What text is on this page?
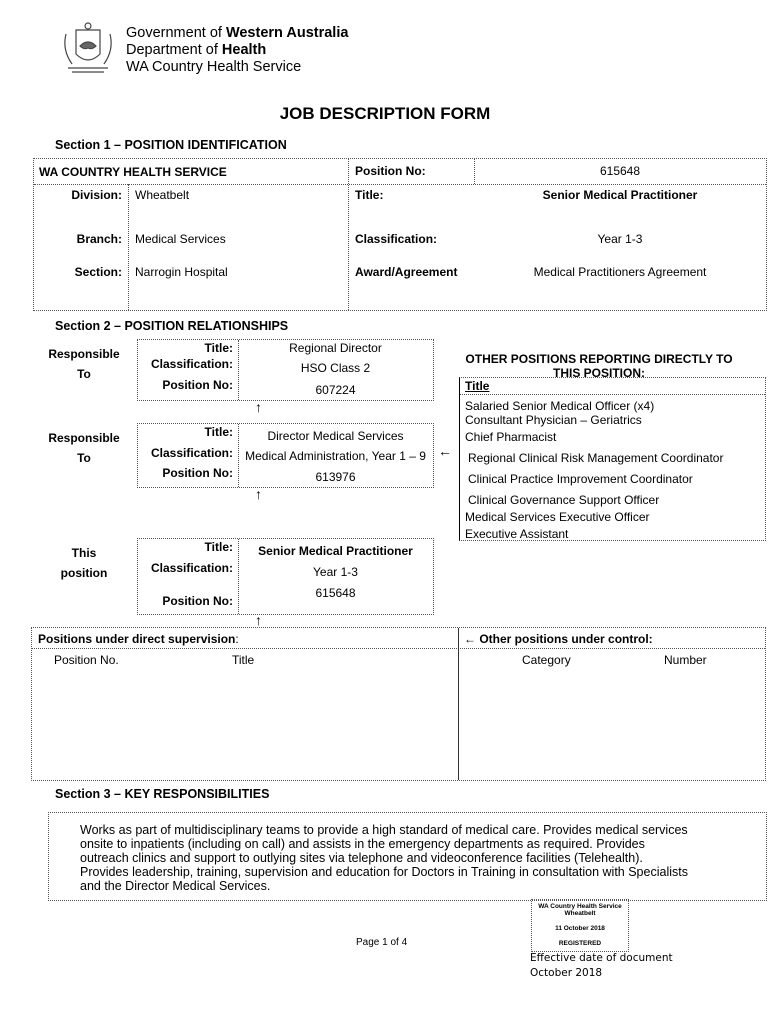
Government of Western Australia
Department of Health
WA Country Health Service
JOB DESCRIPTION FORM
Section 1 – POSITION IDENTIFICATION
WA COUNTRY HEALTH SERVICE	Position No:	615648
Division: Wheatbelt	Title:	Senior Medical Practitioner
Branch: Medical Services	Classification:	Year 1-3
Section: Narrogin Hospital	Award/Agreement	Medical Practitioners Agreement
Section 2 – POSITION RELATIONSHIPS
Responsible
To
Title:	Regional Director
Classification:	HSO Class 2
Position No:	607224
↑
Responsible
To
Title:	Director Medical Services
Classification:	Medical Administration, Year 1 – 9
Position No:	613976
←
↑
This
position
Title:	Senior Medical Practitioner
Classification:	Year 1-3
Position No:
615648
↑
OTHER POSITIONS REPORTING DIRECTLY TO
THIS POSITION:
Title
Salaried Senior Medical Officer (x4)
Consultant Physician – Geriatrics
Chief Pharmacist
Regional Clinical Risk Management Coordinator
Clinical Practice Improvement Coordinator
Clinical Governance Support Officer
Medical Services Executive Officer
Executive Assistant
Positions under direct supervision:	← Other positions under control:
Position No.	Title	Category	Number
Section 3 – KEY RESPONSIBILITIES
Works as part of multidisciplinary teams to provide a high standard of medical care. Provides medical services
onsite to inpatients (including on call) and assists in the emergency departments as required. Provides
outreach clinics and support to outlying sites via telephone and videoconference facilities (Telehealth).
Provides leadership, training, supervision and education for Doctors in Training in consultation with Specialists
and the Director Medical Services.
Page 1 of 4
WA Country Health Service
Wheatbelt
11 October 2018
REGISTERED
Effective date of document
October 2018
